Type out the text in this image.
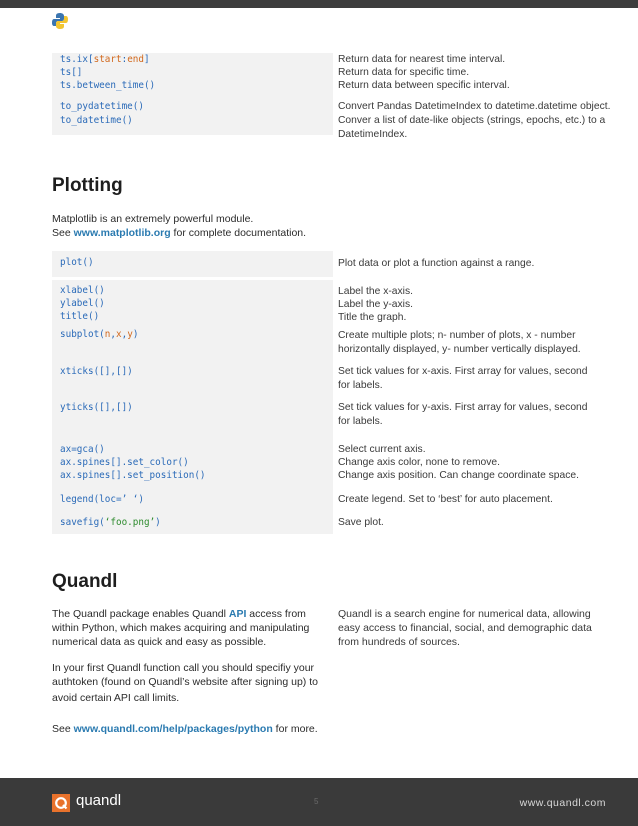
ts.ix[start:end]	Return data for nearest time interval.
ts[]	Return data for specific time.
ts.between_time()	Return data between specific interval.
to_pydatetime()	Convert Pandas DatetimeIndex to datetime.datetime object.
to_datetime()	Conver a list of date-like objects (strings, epochs, etc.) to a DatetimeIndex.
Plotting
Matplotlib is an extremely powerful module.
See www.matplotlib.org for complete documentation.
plot()	Plot data or plot a function against a range.
xlabel()	Label the x-axis.
ylabel()	Label the y-axis.
title()	Title the graph.
subplot(n,x,y)	Create multiple plots; n- number of plots, x - number horizontally displayed, y- number vertically displayed.
xticks([],[])	Set tick values for x-axis. First array for values, second for labels.
yticks([],[])	Set tick values for y-axis. First array for values, second for labels.
ax=gca()	Select current axis.
ax.spines[].set_color()	Change axis color, none to remove.
ax.spines[].set_position()	Change axis position. Can change coordinate space.
legend(loc=’ ‘)	Create legend. Set to ‘best’ for auto placement.
savefig(‘foo.png’)	Save plot.
Quandl
The Quandl package enables Quandl API access from
within Python, which makes acquiring and manipulating
numerical data as quick and easy as possible.
In your first Quandl function call you should specifiy your
authtoken (found on Quandl’s website after signing up) to
avoid certain API call limits.
See www.quandl.com/help/packages/python for more.
Quandl is a search engine for numerical data, allowing
easy access to financial, social, and demographic data
from hundreds of sources.
quandl	5	www.quandl.com
